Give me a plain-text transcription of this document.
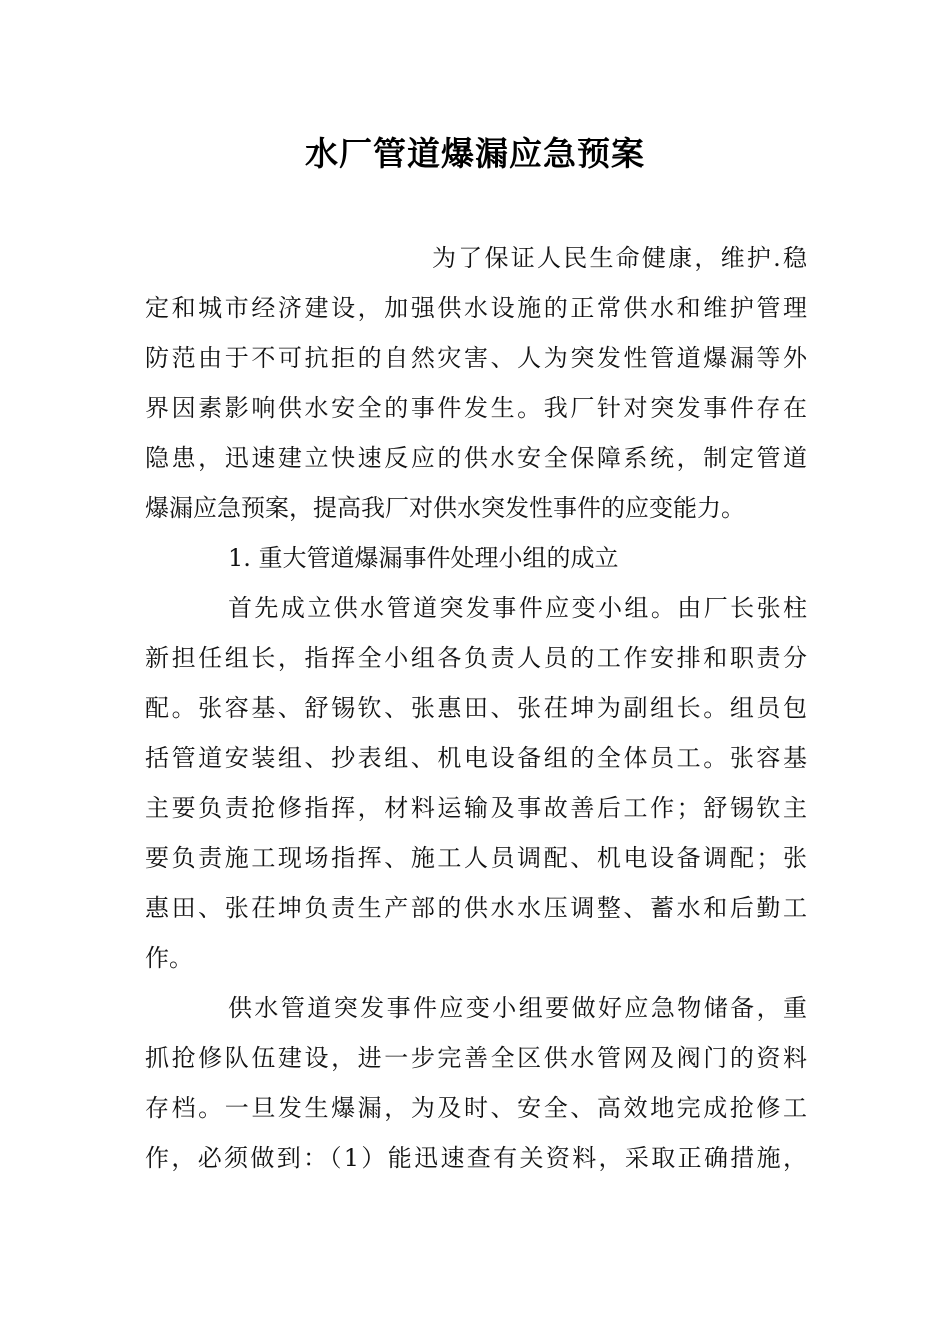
水厂管道爆漏应急预案

为了保证人民生命健康，维护.稳

定和城市经济建设，加强供水设施的正常供水和维护管理

防范由于不可抗拒的自然灾害、人为突发性管道爆漏等外

界因素影响供水安全的事件发生。我厂针对突发事件存在

隐患，迅速建立快速反应的供水安全保障系统，制定管道

爆漏应急预案，提高我厂对供水突发性事件的应变能力。

1. 重大管道爆漏事件处理小组的成立

首先成立供水管道突发事件应变小组。由厂长张柱

新担任组长，指挥全小组各负责人员的工作安排和职责分

配。张容基、舒锡钦、张惠田、张茌坤为副组长。组员包

括管道安装组、抄表组、机电设备组的全体员工。张容基

主要负责抢修指挥，材料运输及事故善后工作；舒锡钦主

要负责施工现场指挥、施工人员调配、机电设备调配；张

惠田、张茌坤负责生产部的供水水压调整、蓄水和后勤工

作。

供水管道突发事件应变小组要做好应急物储备，重

抓抢修队伍建设，进一步完善全区供水管网及阀门的资料

存档。一旦发生爆漏，为及时、安全、高效地完成抢修工

作，必须做到：（1）能迅速查有关资料，采取正确措施，
